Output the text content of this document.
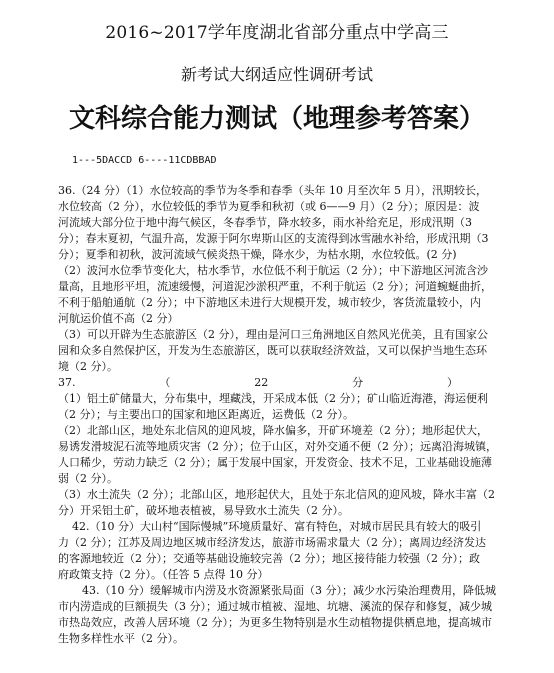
2016~2017学年度湖北省部分重点中学高三
新考试大纲适应性调研考试
文科综合能力测试（地理参考答案）
1---5DACCD 6----11CDBBAD
36.（24 分）（1）水位较高的季节为冬季和春季（头年 10 月至次年 5 月），汛期较长，
水位较高（2 分），水位较低的季节为夏季和秋初（或 6——9 月）（2 分）；原因是：波
河流域大部分位于地中海气候区，冬春季节，降水较多，雨水补给充足，形成汛期（3
分）；春末夏初，气温升高，发源于阿尔卑斯山区的支流得到冰雪融水补给，形成汛期（3
分）；夏季和初秋，波河流域气候炎热干燥，降水少，为枯水期，水位较低。(2 分)
（2）波河水位季节变化大，枯水季节，水位低不利于航运（2 分）；中下游地区河流含沙
量高，且地形平坦，流速缓慢，河道泥沙淤积严重，不利于航运（2 分）；河道蜿蜒曲折，
不利于船舶通航（2 分）；中下游地区未进行大规模开发，城市较少，客货流量较小，内
河航运价值不高（2 分）
（3）可以开辟为生态旅游区（2 分），理由是河口三角洲地区自然风光优美，且有国家公
园和众多自然保护区，开发为生态旅游区，既可以获取经济效益，又可以保护当地生态环
境（2 分）。
37.	（	22	分	）
（1）铝土矿储量大，分布集中，埋藏浅，开采成本低（2 分）；矿山临近海港，海运便利
（2 分）；与主要出口的国家和地区距离近，运费低（2 分）。
（2）北部山区，地处东北信风的迎风坡，降水偏多，开矿环境差（2 分）；地形起伏大，
易诱发滑坡泥石流等地质灾害（2 分）；位于山区，对外交通不便（2 分）；远离沿海城镇，
人口稀少，劳动力缺乏（2 分）；属于发展中国家，开发资金、技术不足，工业基础设施薄
弱（2 分）。
（3）水土流失（2 分）；北部山区，地形起伏大，且处于东北信风的迎风坡，降水丰富（2
分）开采铝土矿，破坏地表植被，易导致水土流失（2 分）。
42.（10 分）大山村“国际慢城”环境质量好、富有特色，对城市居民具有较大的吸引
力（2 分）；江苏及周边地区城市经济发达，旅游市场需求量大（2 分）；离周边经济发达
的客源地较近（2 分）；交通等基础设施较完善（2 分）；地区接待能力较强（2 分）；政
府政策支持（2 分）。（任答 5 点得 10 分）
43.（10 分）缓解城市内涝及水资源紧张局面（3 分）；减少水污染治理费用，降低城
市内涝造成的巨额损失（3 分）；通过城市植被、湿地、坑塘、溪流的保存和修复，减少城
市热岛效应，改善人居环境（2 分）；为更多生物特别是水生动植物提供栖息地，提高城市
生物多样性水平（2 分）。
